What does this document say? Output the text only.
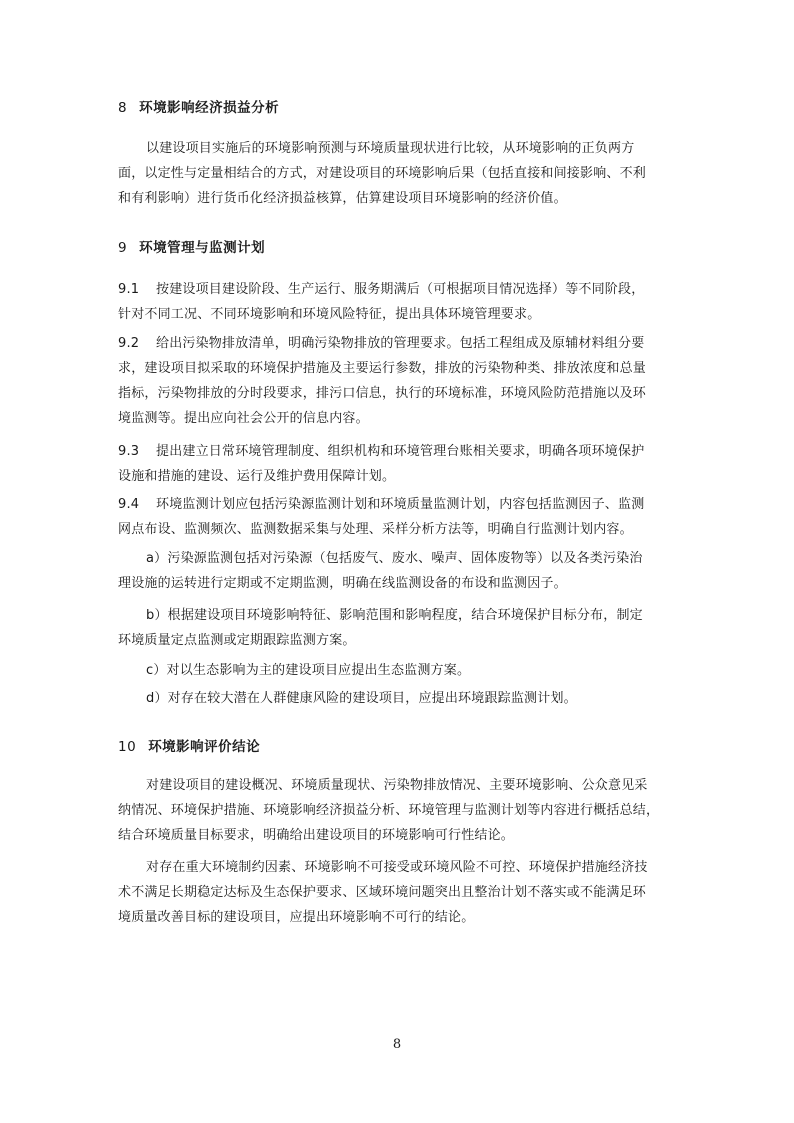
8 环境影响经济损益分析
以建设项目实施后的环境影响预测与环境质量现状进行比较，从环境影响的正负两方
面，以定性与定量相结合的方式，对建设项目的环境影响后果（包括直接和间接影响、不利
和有利影响）进行货币化经济损益核算，估算建设项目环境影响的经济价值。
9 环境管理与监测计划
9.1 按建设项目建设阶段、生产运行、服务期满后（可根据项目情况选择）等不同阶段，
针对不同工况、不同环境影响和环境风险特征，提出具体环境管理要求。
9.2 给出污染物排放清单，明确污染物排放的管理要求。包括工程组成及原辅材料组分要
求，建设项目拟采取的环境保护措施及主要运行参数，排放的污染物种类、排放浓度和总量
指标，污染物排放的分时段要求，排污口信息，执行的环境标准，环境风险防范措施以及环
境监测等。提出应向社会公开的信息内容。
9.3 提出建立日常环境管理制度、组织机构和环境管理台账相关要求，明确各项环境保护
设施和措施的建设、运行及维护费用保障计划。
9.4 环境监测计划应包括污染源监测计划和环境质量监测计划，内容包括监测因子、监测
网点布设、监测频次、监测数据采集与处理、采样分析方法等，明确自行监测计划内容。
a）污染源监测包括对污染源（包括废气、废水、噪声、固体废物等）以及各类污染治
理设施的运转进行定期或不定期监测，明确在线监测设备的布设和监测因子。
b）根据建设项目环境影响特征、影响范围和影响程度，结合环境保护目标分布，制定
环境质量定点监测或定期跟踪监测方案。
c）对以生态影响为主的建设项目应提出生态监测方案。
d）对存在较大潜在人群健康风险的建设项目，应提出环境跟踪监测计划。
10 环境影响评价结论
对建设项目的建设概况、环境质量现状、污染物排放情况、主要环境影响、公众意见采
纳情况、环境保护措施、环境影响经济损益分析、环境管理与监测计划等内容进行概括总结，
结合环境质量目标要求，明确给出建设项目的环境影响可行性结论。
对存在重大环境制约因素、环境影响不可接受或环境风险不可控、环境保护措施经济技
术不满足长期稳定达标及生态保护要求、区域环境问题突出且整治计划不落实或不能满足环
境质量改善目标的建设项目，应提出环境影响不可行的结论。
8
